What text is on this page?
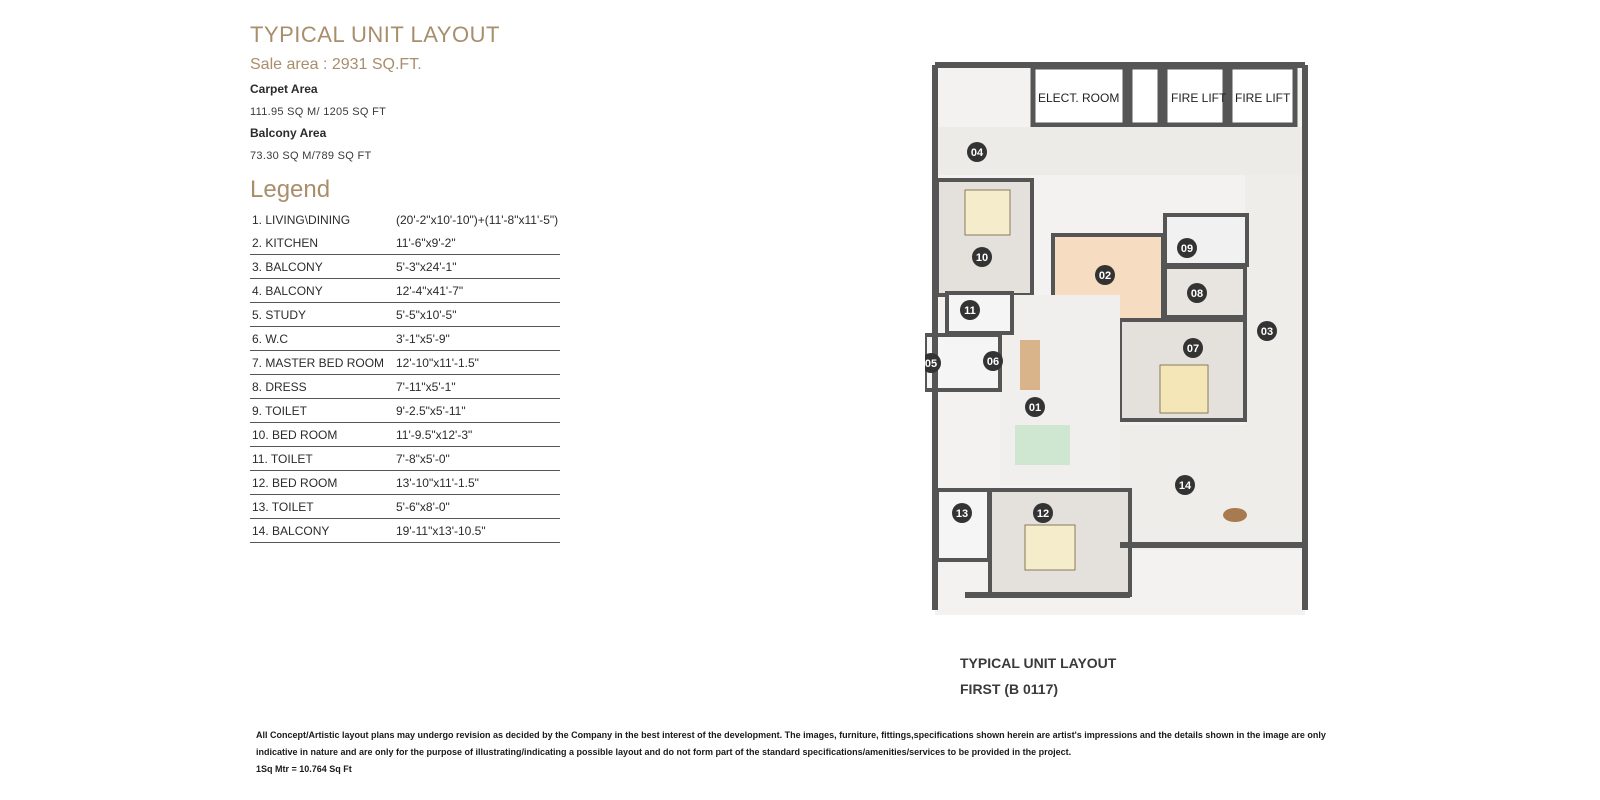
TYPICAL UNIT LAYOUT
Sale area : 2931 SQ.FT.
Carpet Area
111.95 SQ M/ 1205 SQ FT
Balcony Area
73.30 SQ M/789 SQ FT
Legend
1. LIVING\DINING	(20'-2"x10'-10")+(11'-8"x11'-5")
2. KITCHEN	11'-6"x9'-2"
3. BALCONY	5'-3"x24'-1"
4. BALCONY	12'-4"x41'-7"
5. STUDY	5'-5"x10'-5"
6. W.C	3'-1"x5'-9"
7. MASTER BED ROOM	12'-10"x11'-1.5"
8. DRESS	7'-11"x5'-1"
9. TOILET	9'-2.5"x5'-11"
10. BED ROOM	11'-9.5"x12'-3"
11. TOILET	7'-8"x5'-0"
12. BED ROOM	13'-10"x11'-1.5"
13. TOILET	5'-6"x8'-0"
14. BALCONY	19'-11"x13'-10.5"
ELECT. ROOM	FIRE LIFT FIRE LIFT
01
02
03
04
05	06
07
08
09
10
11
12
13
14
TYPICAL UNIT LAYOUT
FIRST (B 0117)
All Concept/Artistic layout plans may undergo revision as decided by the Company in the best interest of the development. The images, furniture, fittings,specifications shown herein are artist's impressions and the details shown in the image are only indicative in nature and are only for the purpose of illustrating/indicating a possible layout and do not form part of the standard specifications/amenities/services to be provided in the project.
1Sq Mtr = 10.764 Sq Ft
